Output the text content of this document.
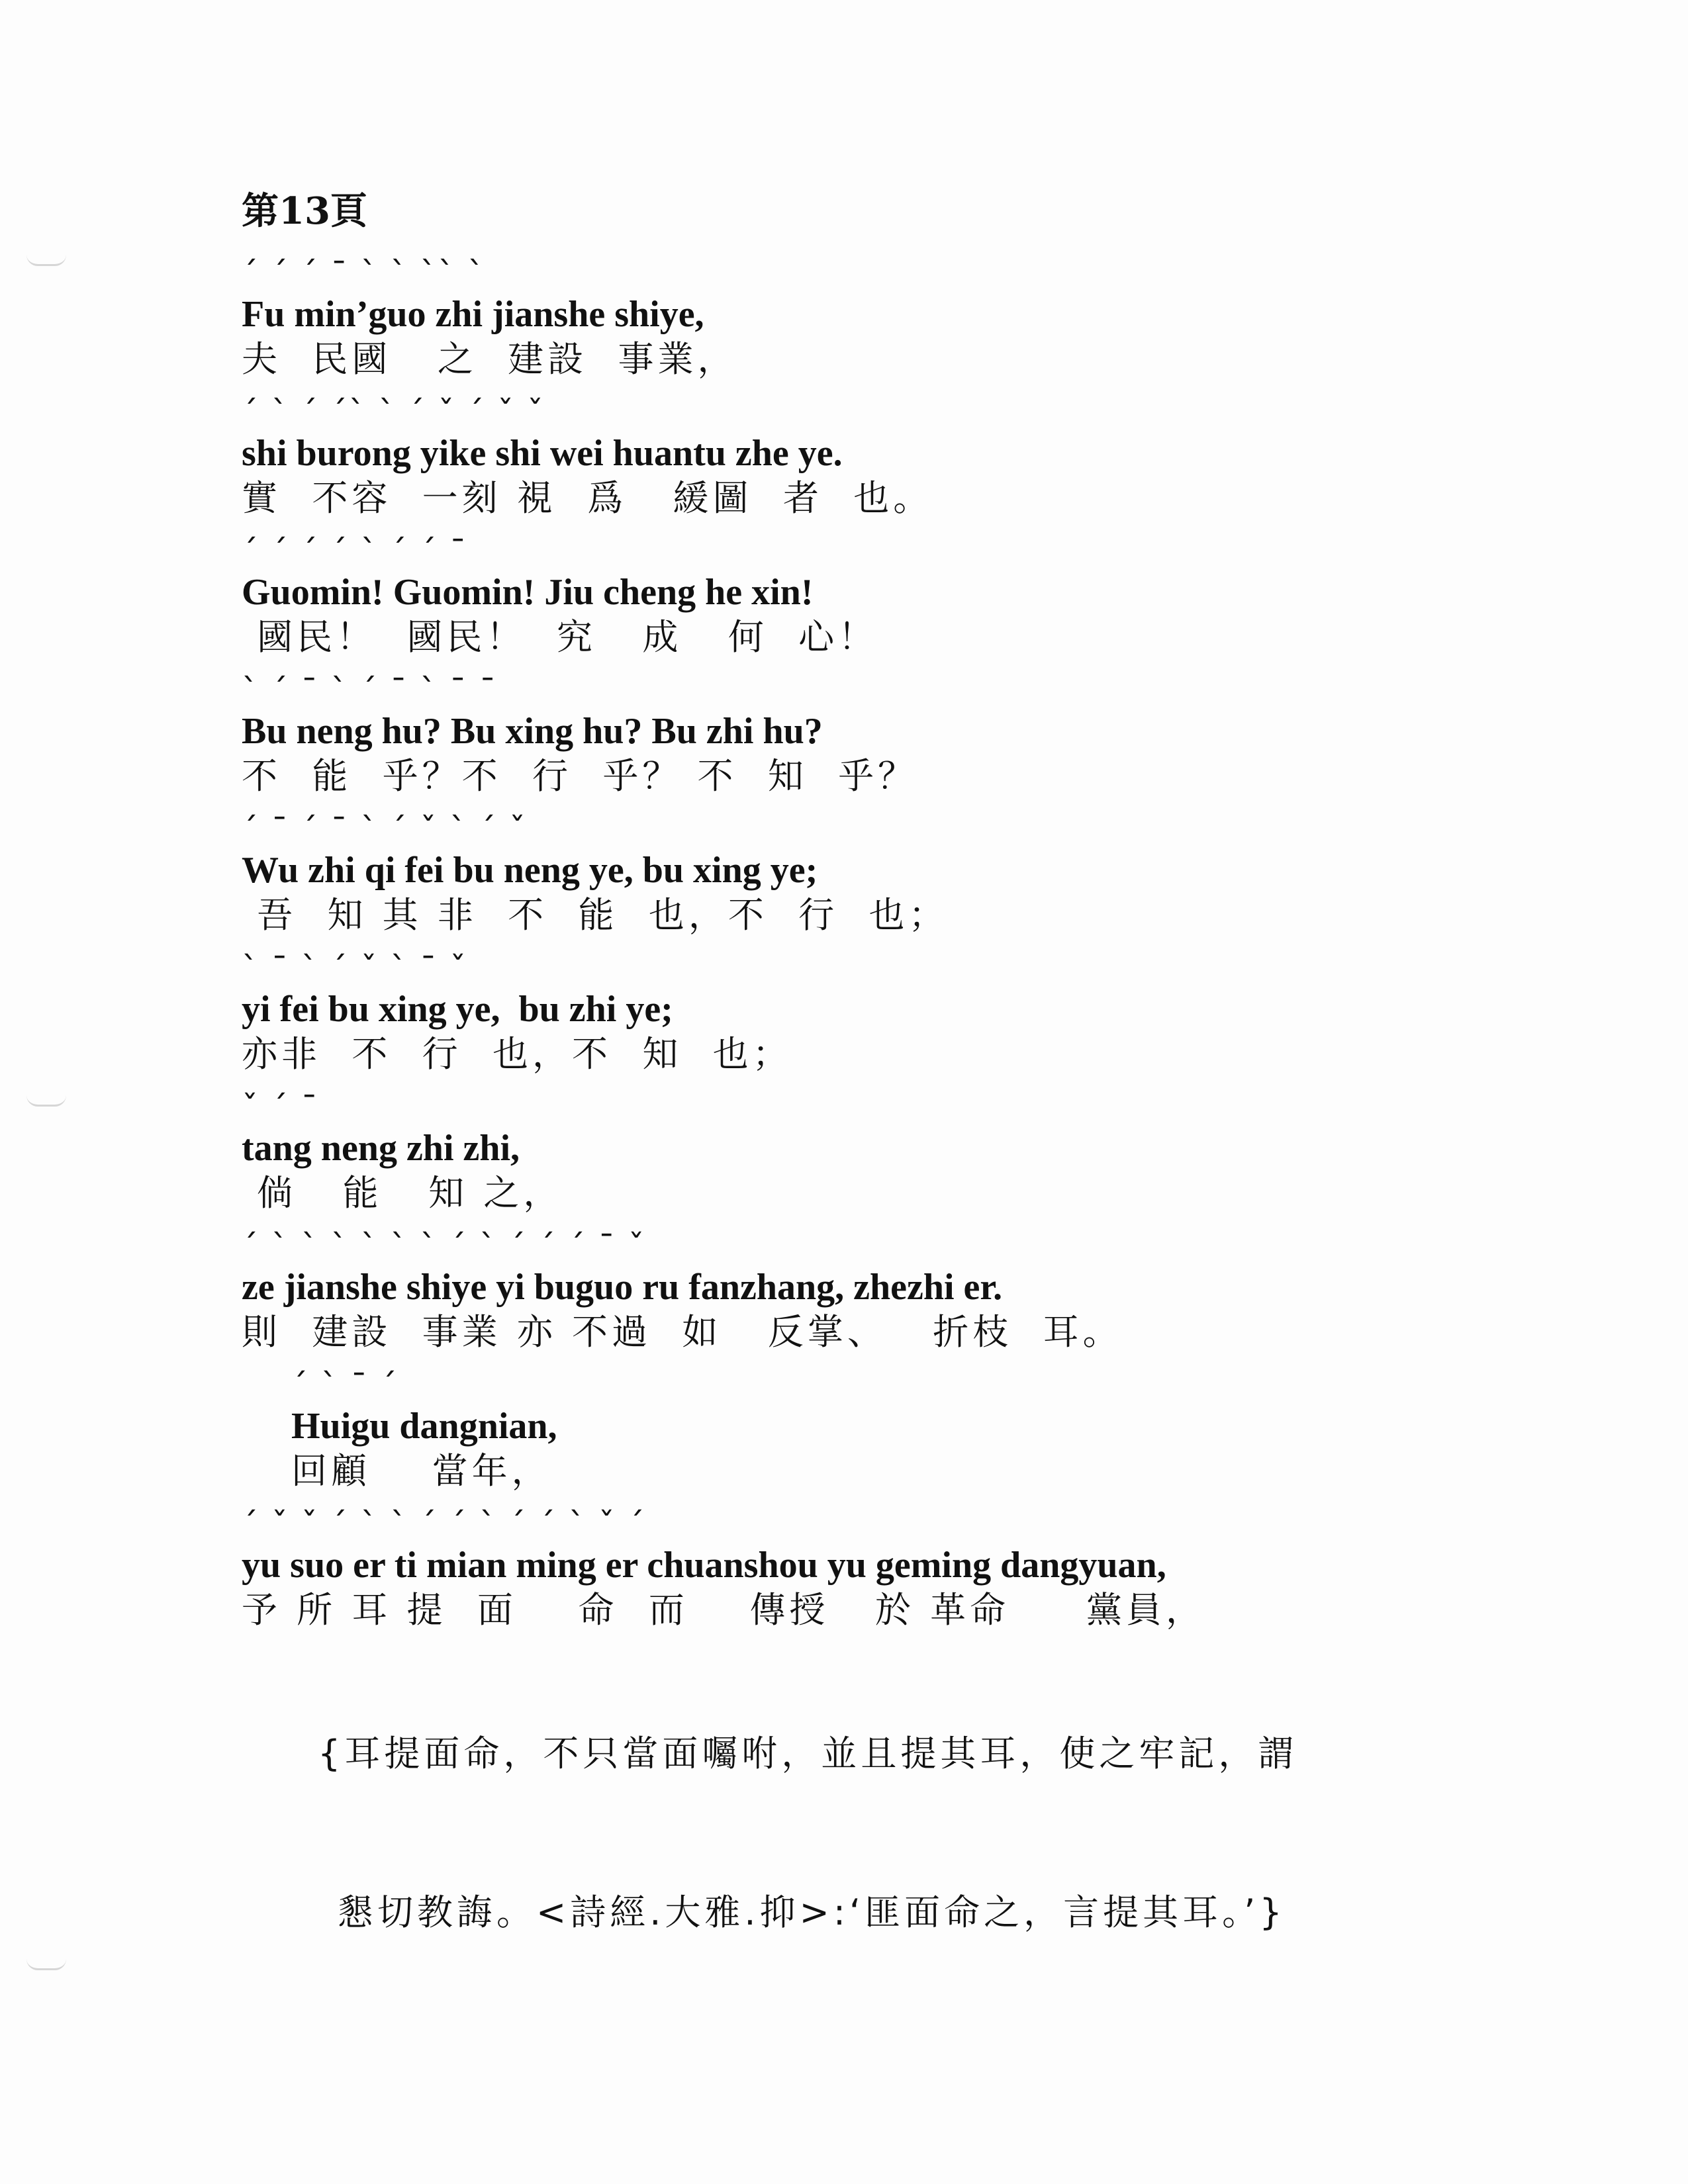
第13頁
´ ´ ´ ¯ ` ` `` `
Fu min’guo zhi jianshe shiye,
夫  民國   之  建設  事業，
´ ` ´ ´` ` ´ ˇ ´ ˇ ˇ
shi burong yike shi wei huantu zhe ye.
實  不容  一刻 視  爲   緩圖  者  也。
´ ´ ´ ´ ` ´ ´ ¯
Guomin! Guomin! Jiu cheng he xin!
國民！  國民！  究   成   何  心！
` ´ ¯ ` ´ ¯ ` ¯ ¯
Bu neng hu? Bu xing hu? Bu zhi hu?
不  能  乎？不  行  乎？ 不  知  乎？
´ ¯ ´ ¯ ` ´ ˇ ` ´ ˇ
Wu zhi qi fei bu neng ye, bu xing ye;
吾  知 其 非  不  能  也，不  行  也；
` ¯ ` ´ ˇ ` ¯ ˇ
yi fei bu xing ye,  bu zhi ye;
亦非  不  行  也，不  知  也；
ˇ ´ ¯
tang neng zhi zhi,
倘   能   知 之，
´ ` ` ` ` ` ` ´ ` ´ ´ ´ ¯ ˇ
ze jianshe shiye yi buguo ru fanzhang, zhezhi er.
則  建設  事業 亦 不過  如   反掌、   折枝  耳。
´ ` ¯ ´
Huigu dangnian,
回顧    當年，
´ ˇ ˇ ´ ` ` ´ ´ ` ´ ´ ` ˇ ´
yu suo er ti mian ming er chuanshou yu geming dangyuan,
予 所 耳 提  面    命  而    傳授   於 革命     黨員，

{耳提面命，不只當面囑咐，並且提其耳，使之牢記，謂

懇切教誨。<詩經.大雅.抑>:‘匪面命之，言提其耳。’}
